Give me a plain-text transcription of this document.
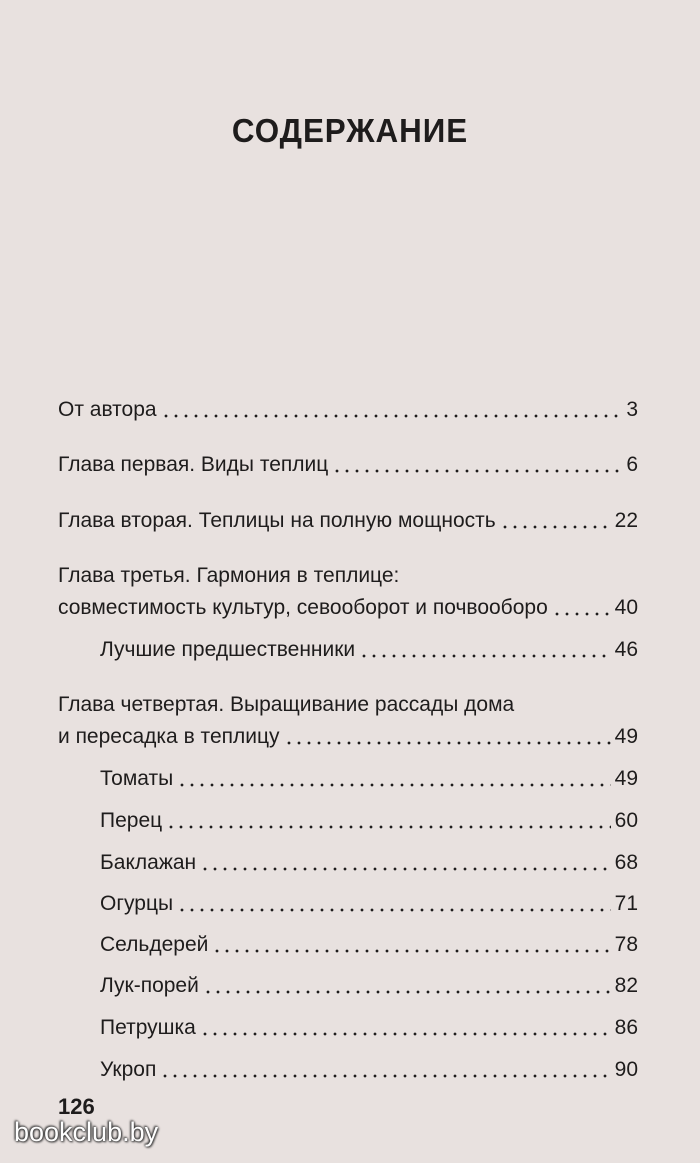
СОДЕРЖАНИЕ
От автора	3
Глава первая. Виды теплиц	6
Глава вторая. Теплицы на полную мощность	22
Глава третья. Гармония в теплице:
совместимость культур, севооборот и почвооборо	40
Лучшие предшественники	46
Глава четвертая. Выращивание рассады дома
и пересадка в теплицу	49
Томаты	49
Перец	60
Баклажан	68
Огурцы	71
Сельдерей	78
Лук-порей	82
Петрушка	86
Укроп	90
126
bookclub.by
